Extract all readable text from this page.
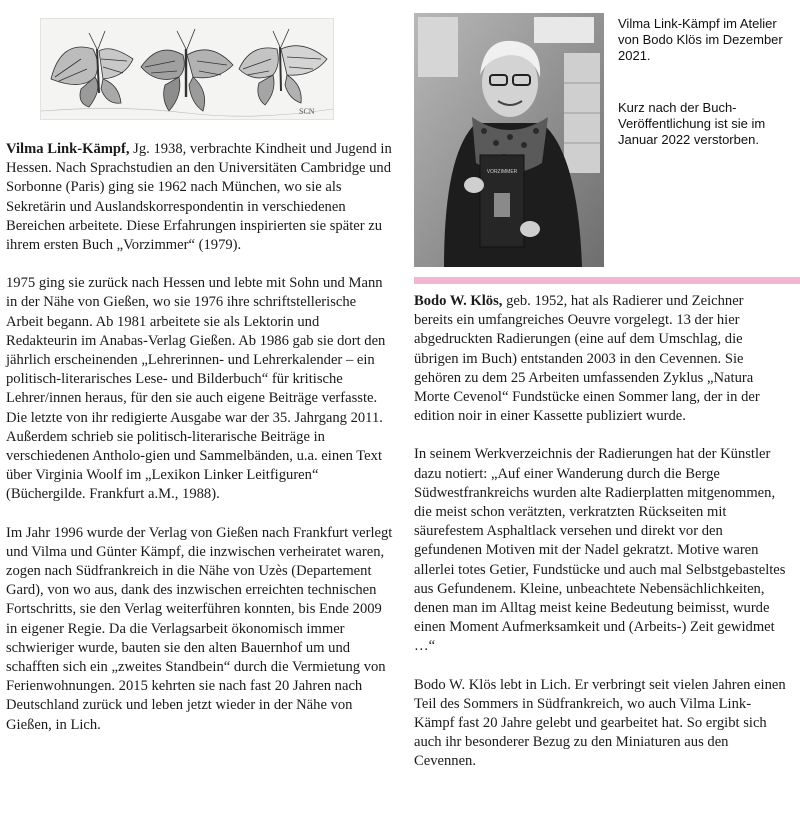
SCN
VORZIMMER

Vilma Link-Kämpf im Atelier von Bodo Klös im Dezember 2021.

Kurz nach der Buch-Veröffentlichung ist sie im Januar 2022 verstorben.

Vilma Link-Kämpf, Jg. 1938, verbrachte Kindheit und Jugend in Hessen. Nach Sprachstudien an den Universitäten Cambridge und Sorbonne (Paris) ging sie 1962 nach München, wo sie als Sekretärin und Auslandskorrespondentin in verschiedenen Bereichen arbeitete. Diese Erfahrungen inspirierten sie später zu ihrem ersten Buch „Vorzimmer“ (1979).

1975 ging sie zurück nach Hessen und lebte mit Sohn und Mann in der Nähe von Gießen, wo sie 1976 ihre schriftstellerische Arbeit begann. Ab 1981 arbeitete sie als Lektorin und Redakteurin im Anabas-Verlag Gießen. Ab 1986 gab sie dort den jährlich erscheinenden „Lehrerinnen- und Lehrerkalender – ein politisch-literarisches Lese- und Bilderbuch“ für kritische Lehrer/innen heraus, für den sie auch eigene Beiträge verfasste. Die letzte von ihr redigierte Ausgabe war der 35. Jahrgang 2011. Außerdem schrieb sie politisch-literarische Beiträge in verschiedenen Antholo-gien und Sammelbänden, u.a. einen Text über Virginia Woolf im „Lexikon Linker Leitfiguren“ (Büchergilde. Frankfurt a.M., 1988).

Im Jahr 1996 wurde der Verlag von Gießen nach Frankfurt verlegt und Vilma und Günter Kämpf, die inzwischen verheiratet waren, zogen nach Südfrankreich in die Nähe von Uzès (Departement Gard), von wo aus, dank des inzwischen erreichten technischen Fortschritts, sie den Verlag weiterführen konnten, bis Ende 2009 in eigener Regie. Da die Verlagsarbeit ökonomisch immer schwieriger wurde, bauten sie den alten Bauernhof um und schafften sich ein „zweites Standbein“ durch die Vermietung von Ferienwohnungen. 2015 kehrten sie nach fast 20 Jahren nach Deutschland zurück und leben jetzt wieder in der Nähe von Gießen, in Lich.

Bodo W. Klös, geb. 1952, hat als Radierer und Zeichner bereits ein umfangreiches Oeuvre vorgelegt. 13 der hier abgedruckten Radierungen (eine auf dem Umschlag, die übrigen im Buch) entstanden 2003 in den Cevennen. Sie gehören zu dem 25 Arbeiten umfassenden Zyklus „Natura Morte Cevenol“ Fundstücke einen Sommer lang, der in der edition noir in einer Kassette publiziert wurde.

In seinem Werkverzeichnis der Radierungen hat der Künstler dazu notiert: „Auf einer Wanderung durch die Berge Südwestfrankreichs wurden alte Radierplatten mitgenommen, die meist schon verätzten, verkratzten Rückseiten mit säurefestem Asphaltlack versehen und direkt vor den gefundenen Motiven mit der Nadel gekratzt. Motive waren allerlei totes Getier, Fundstücke und auch mal Selbstgebasteltes aus Gefundenem. Kleine, unbeachtete Nebensächlichkeiten, denen man im Alltag meist keine Bedeutung beimisst, wurde einen Moment Aufmerksamkeit und (Arbeits-) Zeit gewidmet …“

Bodo W. Klös lebt in Lich. Er verbringt seit vielen Jahren einen Teil des Sommers in Südfrankreich, wo auch Vilma Link-Kämpf fast 20 Jahre gelebt und gearbeitet hat. So ergibt sich auch ihr besonderer Bezug zu den Miniaturen aus den Cevennen.
